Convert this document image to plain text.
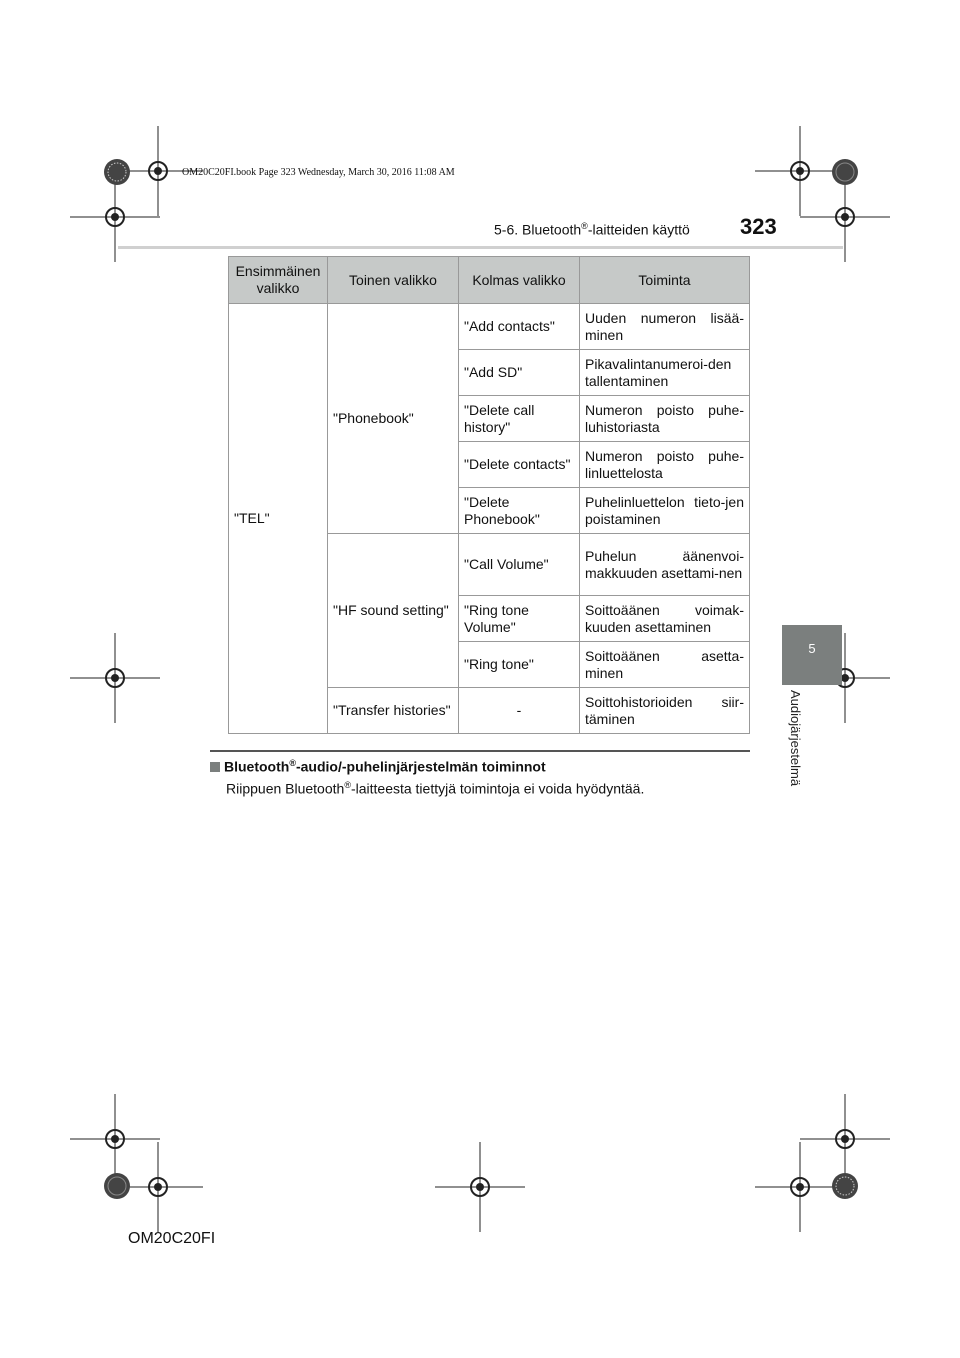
OM20C20FI.book Page 323 Wednesday, March 30, 2016 11:08 AM
5-6. Bluetooth®-laitteiden käyttö 323
5
Audiojärjestelmä
Ensimmäinen valikko	Toinen valikko	Kolmas valikko	Toiminta
"TEL"	"Phonebook"	"Add contacts"	Uuden numeron lisää-minen
		"Add SD"	Pikavalintanumeroi-den tallentaminen
		"Delete call history"	Numeron poisto puhe-luhistoriasta
		"Delete contacts"	Numeron poisto puhe-linluettelosta
		"Delete Phonebook"	Puhelinluettelon tieto-jen poistaminen
	"HF sound setting"	"Call Volume"	Puhelun äänenvoi-makkuuden asettami-nen
		"Ring tone Volume"	Soittoäänen voimak-kuuden asettaminen
		"Ring tone"	Soittoäänen asetta-minen
	"Transfer histories"	-	Soittohistorioiden siir-täminen
Bluetooth®-audio/-puhelinjärjestelmän toiminnot
Riippuen Bluetooth®-laitteesta tiettyjä toimintoja ei voida hyödyntää.
OM20C20FI
